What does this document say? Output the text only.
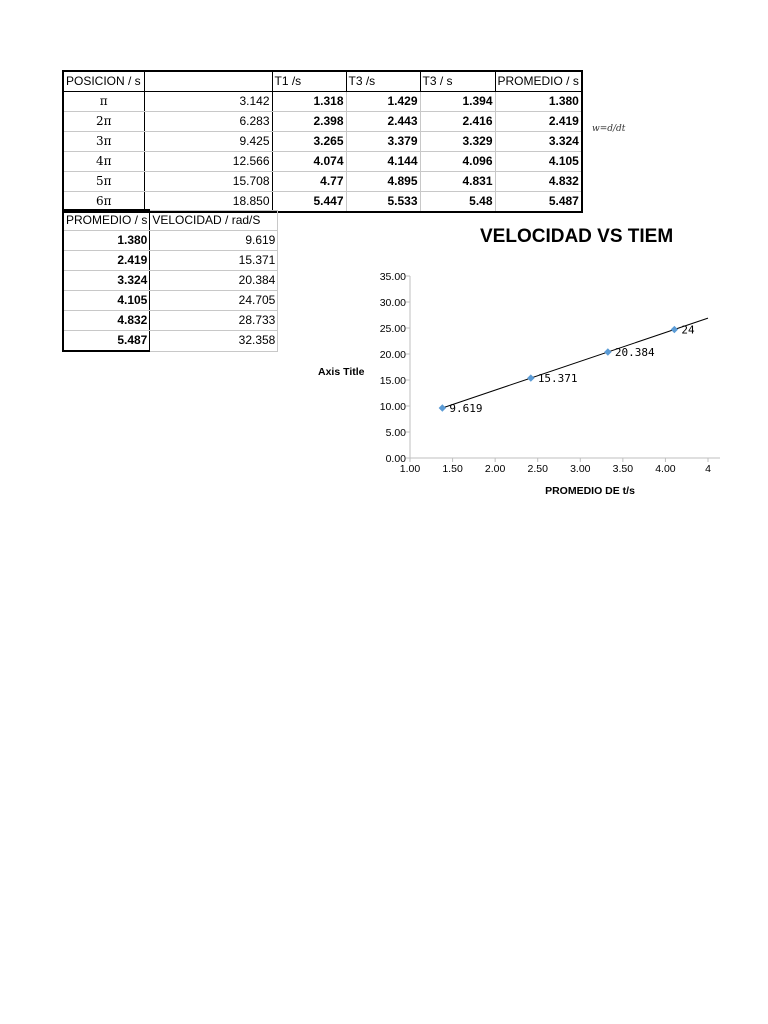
POSICION / s		T1 /s	T3 /s	T3 / s	PROMEDIO / s
π	3.142	1.318	1.429	1.394	1.380
2π	6.283	2.398	2.443	2.416	2.419
3π	9.425	3.265	3.379	3.329	3.324
4π	12.566	4.074	4.144	4.096	4.105
5π	15.708	4.77	4.895	4.831	4.832
6π	18.850	5.447	5.533	5.48	5.487
w=d/dt
PROMEDIO / s	VELOCIDAD / rad/S
1.380	9.619
2.419	15.371
3.324	20.384
4.105	24.705
4.832	28.733
5.487	32.358
VELOCIDAD VS TIEM
0.00
5.00
10.00
15.00
20.00
25.00
30.00
35.00
1.00 1.50 2.00 2.50 3.00 3.50 4.00	4
9.619
15.371
20.384
24
Axis Title
PROMEDIO DE t/s
